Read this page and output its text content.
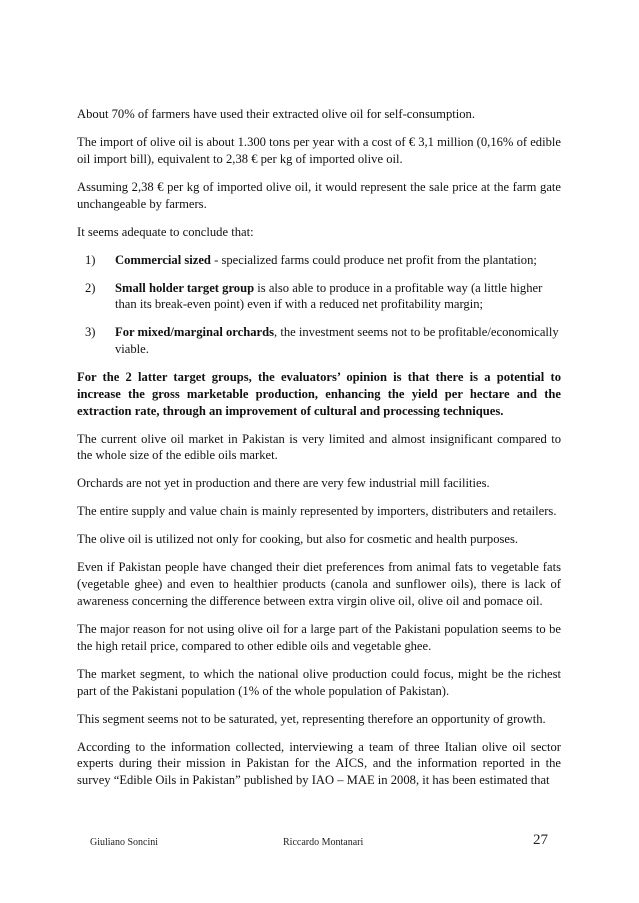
About 70% of farmers have used their extracted olive oil for self-consumption.

The import of olive oil is about 1.300 tons per year with a cost of € 3,1 million (0,16% of edible oil import bill), equivalent to 2,38 € per kg of imported olive oil.

Assuming 2,38 € per kg of imported olive oil, it would represent the sale price at the farm gate unchangeable by farmers.

It seems adequate to conclude that:

1) Commercial sized - specialized farms could produce net profit from the plantation;
2) Small holder target group is also able to produce in a profitable way (a little higher than its break-even point) even if with a reduced net profitability margin;
3) For mixed/marginal orchards, the investment seems not to be profitable/economically viable.

For the 2 latter target groups, the evaluators’ opinion is that there is a potential to increase the gross marketable production, enhancing the yield per hectare and the extraction rate, through an improvement of cultural and processing techniques.

The current olive oil market in Pakistan is very limited and almost insignificant compared to the whole size of the edible oils market.

Orchards are not yet in production and there are very few industrial mill facilities.

The entire supply and value chain is mainly represented by importers, distributers and retailers.

The olive oil is utilized not only for cooking, but also for cosmetic and health purposes.

Even if Pakistan people have changed their diet preferences from animal fats to vegetable fats (vegetable ghee) and even to healthier products (canola and sunflower oils), there is lack of awareness concerning the difference between extra virgin olive oil, olive oil and pomace oil.

The major reason for not using olive oil for a large part of the Pakistani population seems to be the high retail price, compared to other edible oils and vegetable ghee.

The market segment, to which the national olive production could focus, might be the richest part of the Pakistani population (1% of the whole population of Pakistan).

This segment seems not to be saturated, yet, representing therefore an opportunity of growth.

According to the information collected, interviewing a team of three Italian olive oil sector experts during their mission in Pakistan for the AICS, and the information reported in the survey “Edible Oils in Pakistan” published by IAO – MAE in 2008, it has been estimated that

Giuliano Soncini	Riccardo Montanari	27
